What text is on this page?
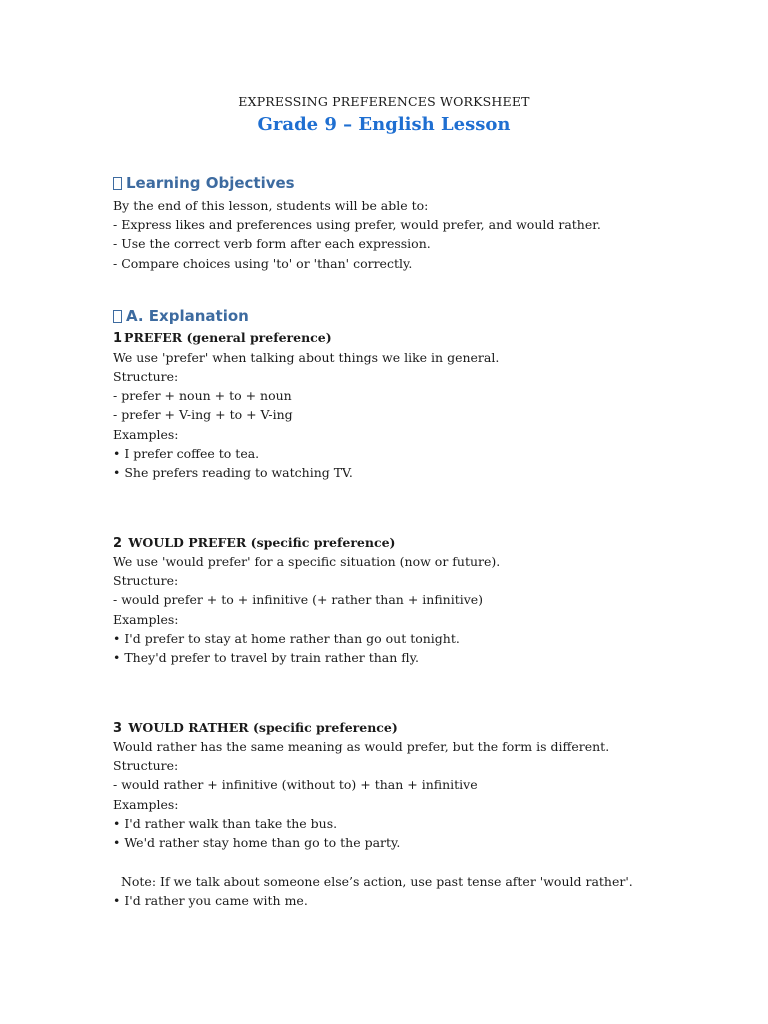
EXPRESSING PREFERENCES WORKSHEET
Grade 9 – English Lesson
Learning Objectives
By the end of this lesson, students will be able to:
- Express likes and preferences using prefer, would prefer, and would rather.
- Use the correct verb form after each expression.
- Compare choices using 'to' or 'than' correctly.
A. Explanation
1 PREFER (general preference)
We use 'prefer' when talking about things we like in general.
Structure:
- prefer + noun + to + noun
- prefer + V-ing + to + V-ing
Examples:
• I prefer coffee to tea.
• She prefers reading to watching TV.
2 WOULD PREFER (specific preference)
We use 'would prefer' for a specific situation (now or future).
Structure:
- would prefer + to + infinitive (+ rather than + infinitive)
Examples:
• I'd prefer to stay at home rather than go out tonight.
• They'd prefer to travel by train rather than fly.
3 WOULD RATHER (specific preference)
Would rather has the same meaning as would prefer, but the form is different.
Structure:
- would rather + infinitive (without to) + than + infinitive
Examples:
• I'd rather walk than take the bus.
• We'd rather stay home than go to the party.
Note: If we talk about someone else’s action, use past tense after 'would rather'.
• I'd rather you came with me.
